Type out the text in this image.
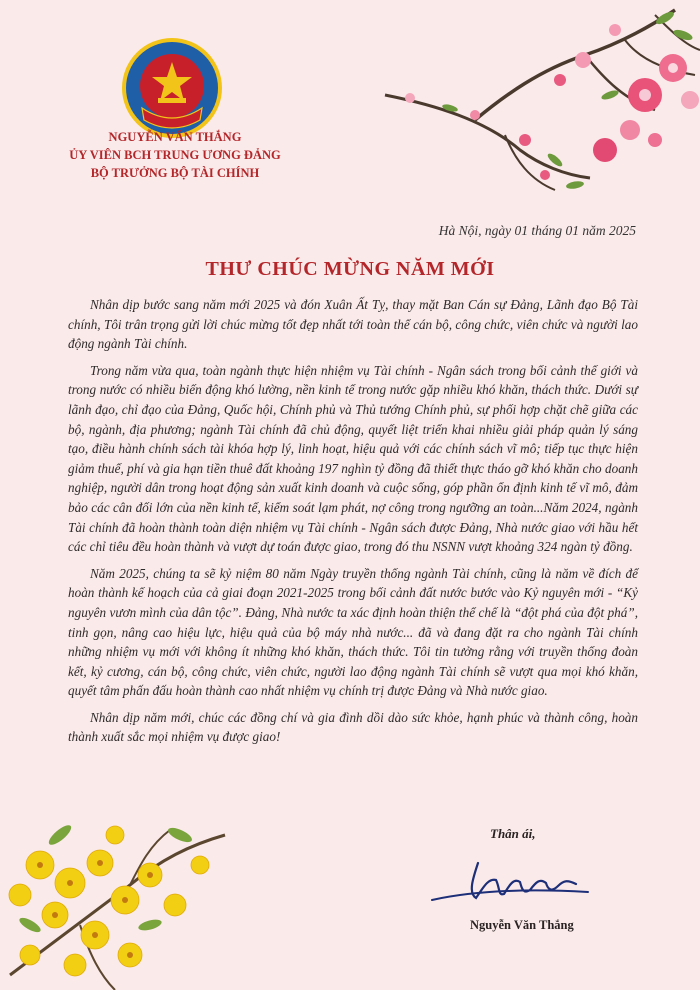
NGUYỄN VĂN THẮNG
ỦY VIÊN BCH TRUNG ƯƠNG ĐẢNG
BỘ TRƯỞNG BỘ TÀI CHÍNH
Hà Nội, ngày 01 tháng 01 năm 2025
THƯ CHÚC MỪNG NĂM MỚI

Nhân dịp bước sang năm mới 2025 và đón Xuân Ất Tỵ, thay mặt Ban Cán sự Đảng, Lãnh đạo Bộ Tài chính, Tôi trân trọng gửi lời chúc mừng tốt đẹp nhất tới toàn thể cán bộ, công chức, viên chức và người lao động ngành Tài chính.

Trong năm vừa qua, toàn ngành thực hiện nhiệm vụ Tài chính - Ngân sách trong bối cảnh thế giới và trong nước có nhiều biến động khó lường, nền kinh tế trong nước gặp nhiều khó khăn, thách thức. Dưới sự lãnh đạo, chỉ đạo của Đảng, Quốc hội, Chính phủ và Thủ tướng Chính phủ, sự phối hợp chặt chẽ giữa các bộ, ngành, địa phương; ngành Tài chính đã chủ động, quyết liệt triển khai nhiều giải pháp quản lý sáng tạo, điều hành chính sách tài khóa hợp lý, linh hoạt, hiệu quả với các chính sách vĩ mô; tiếp tục thực hiện giảm thuế, phí và gia hạn tiền thuê đất khoảng 197 nghìn tỷ đồng đã thiết thực tháo gỡ khó khăn cho doanh nghiệp, người dân trong hoạt động sản xuất kinh doanh và cuộc sống, góp phần ổn định kinh tế vĩ mô, đảm bảo các cân đối lớn của nền kinh tế, kiểm soát lạm phát, nợ công trong ngưỡng an toàn...Năm 2024, ngành Tài chính đã hoàn thành toàn diện nhiệm vụ Tài chính - Ngân sách được Đảng, Nhà nước giao với hầu hết các chỉ tiêu đều hoàn thành và vượt dự toán được giao, trong đó thu NSNN vượt khoảng 324 ngàn tỷ đồng.

Năm 2025, chúng ta sẽ kỷ niệm 80 năm Ngày truyền thống ngành Tài chính, cũng là năm về đích để hoàn thành kế hoạch của cả giai đoạn 2021-2025 trong bối cảnh đất nước bước vào Kỷ nguyên mới - “Kỷ nguyên vươn mình của dân tộc”. Đảng, Nhà nước ta xác định hoàn thiện thể chế là “đột phá của đột phá”, tinh gọn, nâng cao hiệu lực, hiệu quả của bộ máy nhà nước... đã và đang đặt ra cho ngành Tài chính những nhiệm vụ mới với không ít những khó khăn, thách thức. Tôi tin tưởng rằng với truyền thống đoàn kết, kỷ cương, cán bộ, công chức, viên chức, người lao động ngành Tài chính sẽ vượt qua mọi khó khăn, quyết tâm phấn đấu hoàn thành cao nhất nhiệm vụ chính trị được Đảng và Nhà nước giao.

Nhân dịp năm mới, chúc các đồng chí và gia đình dồi dào sức khỏe, hạnh phúc và thành công, hoàn thành xuất sắc mọi nhiệm vụ được giao!

Thân ái,
Nguyễn Văn Thắng
